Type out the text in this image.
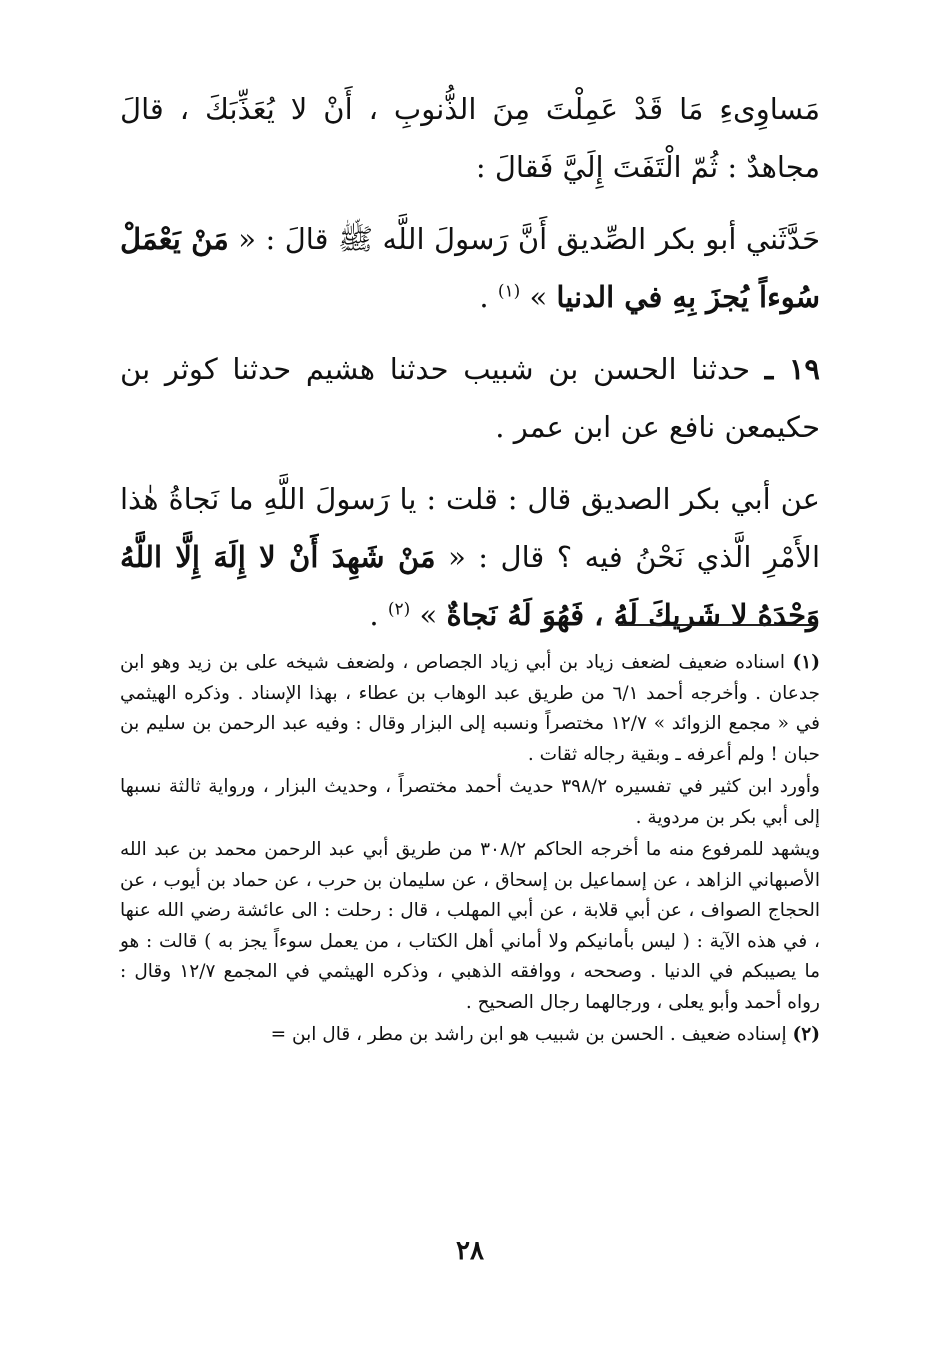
مَساوِىءِ مَا قَدْ عَمِلْتَ مِنَ الذُّنوبِ ، أَنْ لا يُعَذِّبَكَ ، قالَ مجاهدٌ : ثُمّ الْتَفَتَ إِلَيَّ فَقالَ :

حَدَّثَني أبو بكر الصِّديق أَنَّ رَسولَ اللَّه ﷺ قالَ : « مَنْ يَعْمَلْ سُوءاً يُجزَ بِهِ في الدنيا » $^{(١)}$ .

١٩ ـ حدثنا الحسن بن شبيب حدثنا هشيم حدثنا كوثر بن حكيمعن نافع عن ابن عمر .

عن أبي بكر الصديق قال : قلت : يا رَسولَ اللَّهِ ما نَجاةُ هٰذا الأَمْرِ الَّذي نَحْنُ فيه ؟ قال : « مَنْ شَهِدَ أَنْ لا إِلَهَ إِلَّا اللَّهُ وَحْدَهُ لا شَريكَ لَهُ ، فَهُوَ لَهُ نَجاةٌ » $^{(٢)}$ .

(١) اسناده ضعيف لضعف زياد بن أبي زياد الجصاص ، ولضعف شيخه على بن زيد وهو ابن جدعان . وأخرجه أحمد ٦/١ من طريق عبد الوهاب بن عطاء ، بهذا الإسناد . وذكره الهيثمي في « مجمع الزوائد » ١٢/٧ مختصراً ونسبه إلى البزار وقال : وفيه عبد الرحمن بن سليم بن حبان ! ولم أعرفه ـ وبقية رجاله ثقات .

وأورد ابن كثير في تفسيره ٣٩٨/٢ حديث أحمد مختصراً ، وحديث البزار ، ورواية ثالثة نسبها إلى أبي بكر بن مردوية .

ويشهد للمرفوع منه ما أخرجه الحاكم ٣٠٨/٢ من طريق أبي عبد الرحمن محمد بن عبد الله الأصبهاني الزاهد ، عن إسماعيل بن إسحاق ، عن سليمان بن حرب ، عن حماد بن أيوب ، عن الحجاج الصواف ، عن أبي قلابة ، عن أبي المهلب ، قال : رحلت : الى عائشة رضي الله عنها ، في هذه الآية : ( ليس بأمانيكم ولا أماني أهل الكتاب ، من يعمل سوءاً يجز به ) قالت : هو ما يصيبكم في الدنيا . وصححه ، ووافقه الذهبي ، وذكره الهيثمي في المجمع ١٢/٧ وقال : رواه أحمد وأبو يعلى ، ورجالهما رجال الصحيح .

(٢) إسناده ضعيف . الحسن بن شبيب هو ابن راشد بن مطر ، قال ابن =

٢٨
